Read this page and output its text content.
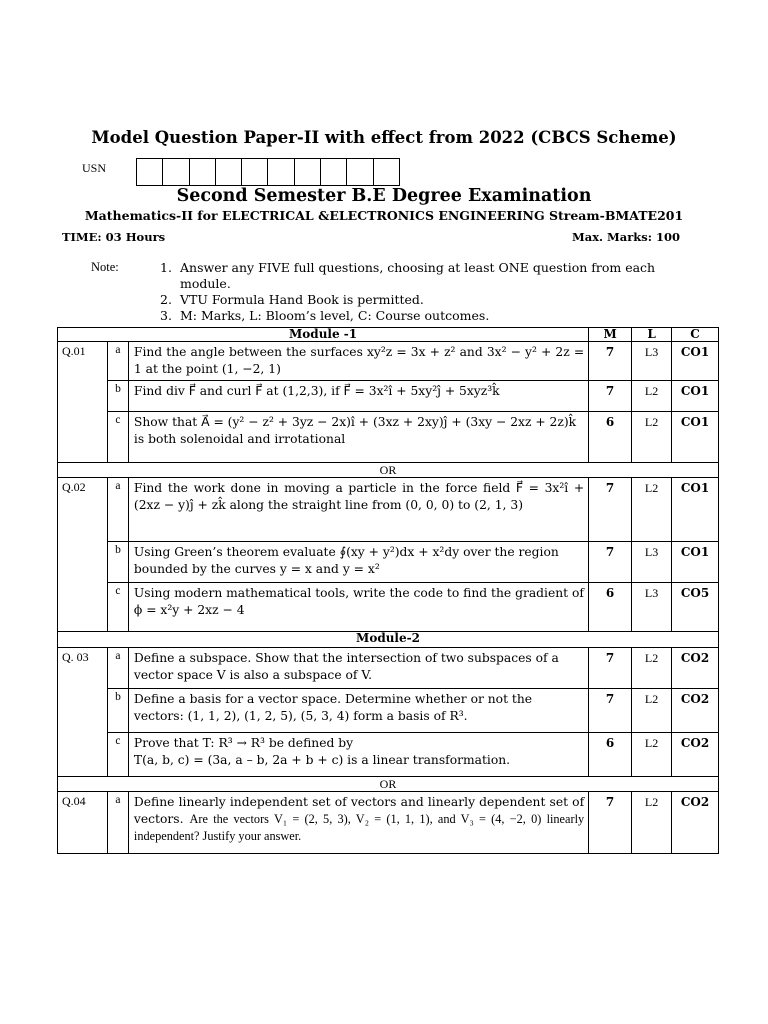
Model Question Paper-II with effect from 2022 (CBCS Scheme)
USN
Second Semester B.E Degree Examination
Mathematics-II for ELECTRICAL &ELECTRONICS ENGINEERING Stream-BMATE201
TIME: 03 Hours	Max. Marks: 100
Note:	1. Answer any FIVE full questions, choosing at least ONE question from each module.
2. VTU Formula Hand Book is permitted.
3. M: Marks, L: Bloom’s level, C: Course outcomes.
Module -1			M	L	C
Q.01	a	Find the angle between the surfaces xy²z = 3x + z² and 3x² − y² + 2z = 1 at the point (1, −2, 1)	7	L3	CO1
	b	Find div F⃗ and curl F⃗ at (1,2,3), if F⃗ = 3x²î + 5xy²ĵ + 5xyz³k̂	7	L2	CO1
	c	Show that A⃗ = (y² − z² + 3yz − 2x)î + (3xz + 2xy)ĵ + (3xy − 2xz + 2z)k̂ is both solenoidal and irrotational	6	L2	CO1
OR					
Q.02	a	Find the work done in moving a particle in the force field F⃗ = 3x²î + (2xz − y)ĵ + zk̂ along the straight line from (0, 0, 0) to (2, 1, 3)	7	L2	CO1
	b	Using Green’s theorem evaluate ∮(xy + y²)dx + x²dy over the region bounded by the curves y = x and y = x²	7	L3	CO1
	c	Using modern mathematical tools, write the code to find the gradient of ϕ = x²y + 2xz − 4	6	L3	CO5
Module-2					
Q. 03	a	Define a subspace. Show that the intersection of two subspaces of a vector space V is also a subspace of V.	7	L2	CO2
	b	Define a basis for a vector space. Determine whether or not the vectors: (1, 1, 2), (1, 2, 5), (5, 3, 4) form a basis of R³.	7	L2	CO2
	c	Prove that T: R³ → R³ be defined by
T(a, b, c) = (3a, a – b, 2a + b + c) is a linear transformation.	6	L2	CO2
OR					
Q.04	a	Define linearly independent set of vectors and linearly dependent set of vectors. Are the vectors V₁ = (2, 5, 3), V₂ = (1, 1, 1), and V₃ = (4, −2, 0) linearly independent? Justify your answer.	7	L2	CO2
